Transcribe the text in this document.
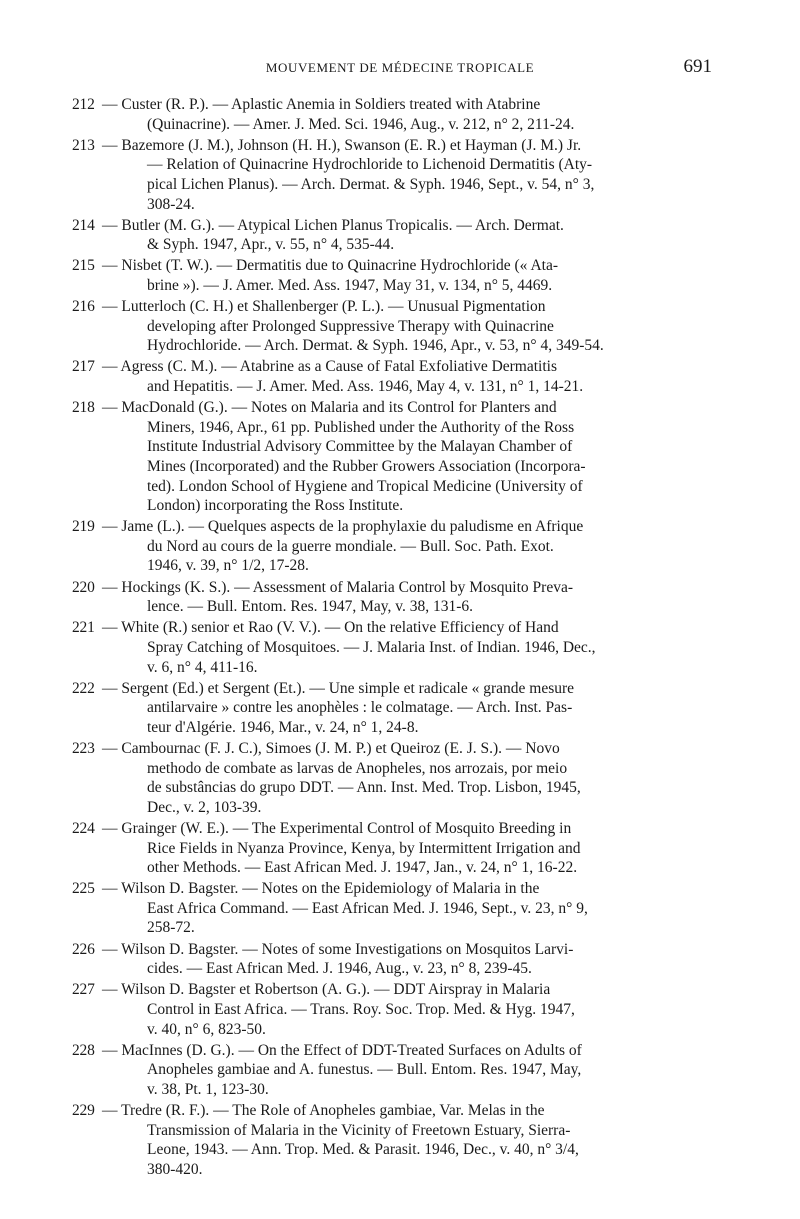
MOUVEMENT DE MÉDECINE TROPICALE	691
212 — Custer (R. P.). — Aplastic Anemia in Soldiers treated with Atabrine
(Quinacrine). — Amer. J. Med. Sci. 1946, Aug., v. 212, n° 2, 211-24.
213 — Bazemore (J. M.), Johnson (H. H.), Swanson (E. R.) et Hayman (J. M.) Jr.
— Relation of Quinacrine Hydrochloride to Lichenoid Dermatitis (Aty-
pical Lichen Planus). — Arch. Dermat. & Syph. 1946, Sept., v. 54, n° 3,
308-24.
214 — Butler (M. G.). — Atypical Lichen Planus Tropicalis. — Arch. Dermat.
& Syph. 1947, Apr., v. 55, n° 4, 535-44.
215 — Nisbet (T. W.). — Dermatitis due to Quinacrine Hydrochloride (« Ata-
brine »). — J. Amer. Med. Ass. 1947, May 31, v. 134, n° 5, 4469.
216 — Lutterloch (C. H.) et Shallenberger (P. L.). — Unusual Pigmentation
developing after Prolonged Suppressive Therapy with Quinacrine
Hydrochloride. — Arch. Dermat. & Syph. 1946, Apr., v. 53, n° 4, 349-54.
217 — Agress (C. M.). — Atabrine as a Cause of Fatal Exfoliative Dermatitis
and Hepatitis. — J. Amer. Med. Ass. 1946, May 4, v. 131, n° 1, 14-21.
218 — MacDonald (G.). — Notes on Malaria and its Control for Planters and
Miners, 1946, Apr., 61 pp. Published under the Authority of the Ross
Institute Industrial Advisory Committee by the Malayan Chamber of
Mines (Incorporated) and the Rubber Growers Association (Incorpora-
ted). London School of Hygiene and Tropical Medicine (University of
London) incorporating the Ross Institute.
219 — Jame (L.). — Quelques aspects de la prophylaxie du paludisme en Afrique
du Nord au cours de la guerre mondiale. — Bull. Soc. Path. Exot.
1946, v. 39, n° 1/2, 17-28.
220 — Hockings (K. S.). — Assessment of Malaria Control by Mosquito Preva-
lence. — Bull. Entom. Res. 1947, May, v. 38, 131-6.
221 — White (R.) senior et Rao (V. V.). — On the relative Efficiency of Hand
Spray Catching of Mosquitoes. — J. Malaria Inst. of Indian. 1946, Dec.,
v. 6, n° 4, 411-16.
222 — Sergent (Ed.) et Sergent (Et.). — Une simple et radicale « grande mesure
antilarvaire » contre les anophèles : le colmatage. — Arch. Inst. Pas-
teur d'Algérie. 1946, Mar., v. 24, n° 1, 24-8.
223 — Cambournac (F. J. C.), Simoes (J. M. P.) et Queiroz (E. J. S.). — Novo
methodo de combate as larvas de Anopheles, nos arrozais, por meio
de substâncias do grupo DDT. — Ann. Inst. Med. Trop. Lisbon, 1945,
Dec., v. 2, 103-39.
224 — Grainger (W. E.). — The Experimental Control of Mosquito Breeding in
Rice Fields in Nyanza Province, Kenya, by Intermittent Irrigation and
other Methods. — East African Med. J. 1947, Jan., v. 24, n° 1, 16-22.
225 — Wilson D. Bagster. — Notes on the Epidemiology of Malaria in the
East Africa Command. — East African Med. J. 1946, Sept., v. 23, n° 9,
258-72.
226 — Wilson D. Bagster. — Notes of some Investigations on Mosquitos Larvi-
cides. — East African Med. J. 1946, Aug., v. 23, n° 8, 239-45.
227 — Wilson D. Bagster et Robertson (A. G.). — DDT Airspray in Malaria
Control in East Africa. — Trans. Roy. Soc. Trop. Med. & Hyg. 1947,
v. 40, n° 6, 823-50.
228 — MacInnes (D. G.). — On the Effect of DDT-Treated Surfaces on Adults of
Anopheles gambiae and A. funestus. — Bull. Entom. Res. 1947, May,
v. 38, Pt. 1, 123-30.
229 — Tredre (R. F.). — The Role of Anopheles gambiae, Var. Melas in the
Transmission of Malaria in the Vicinity of Freetown Estuary, Sierra-
Leone, 1943. — Ann. Trop. Med. & Parasit. 1946, Dec., v. 40, n° 3/4,
380-420.
